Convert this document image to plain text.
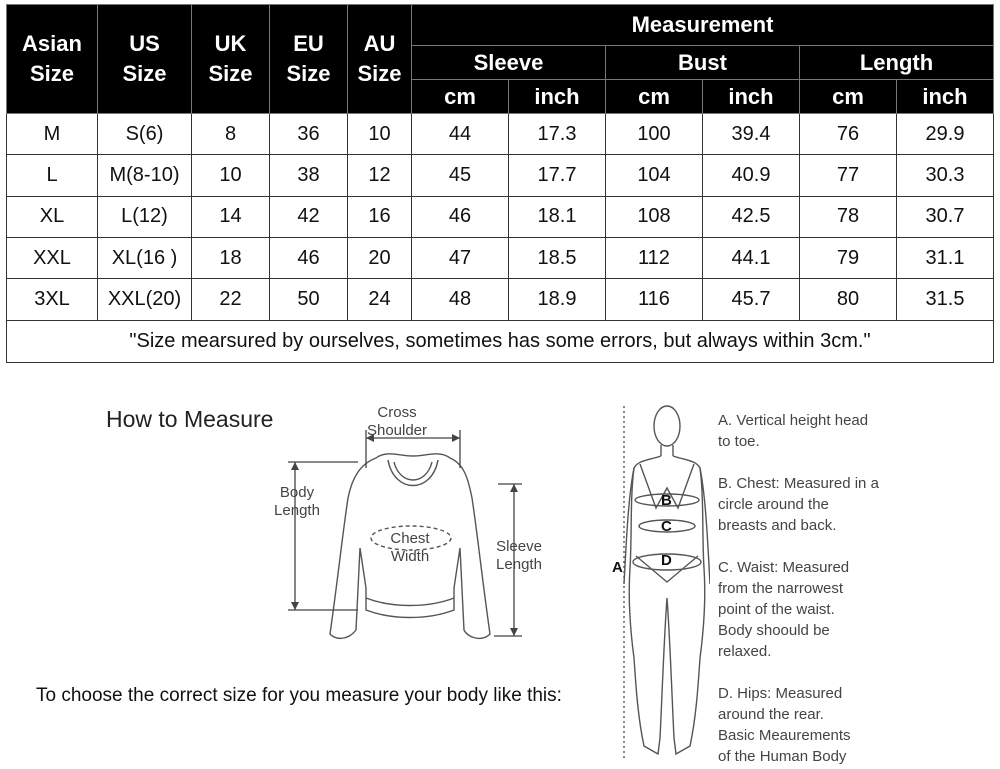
Asian
Size	US
Size	UK
Size	EU
Size	AU
Size	Measurement					
					Sleeve		Bust		Length	
					cm	inch	cm	inch	cm	inch
M	S(6)	8	36	10	44	17.3	100	39.4	76	29.9
L	M(8-10)	10	38	12	45	17.7	104	40.9	77	30.3
XL	L(12)	14	42	16	46	18.1	108	42.5	78	30.7
XXL	XL(16 )	18	46	20	47	18.5	112	44.1	79	31.1
3XL	XXL(20)	22	50	24	48	18.9	116	45.7	80	31.5
"Size mearsured by ourselves, sometimes has some errors, but always within 3cm."										
How to Measure	Cross
Shoulder
Body
Length
Chest
Width
Sleeve
Length
To choose the correct size for you measure your body like this:
A
B
C
D
A. Vertical height head
to toe.
B. Chest: Measured in a
circle around the
breasts and back.
C. Waist: Measured
from the narrowest
point of the waist.
Body shoould be
relaxed.
D. Hips: Measured
around the rear.
Basic Meaurements
of the Human Body
